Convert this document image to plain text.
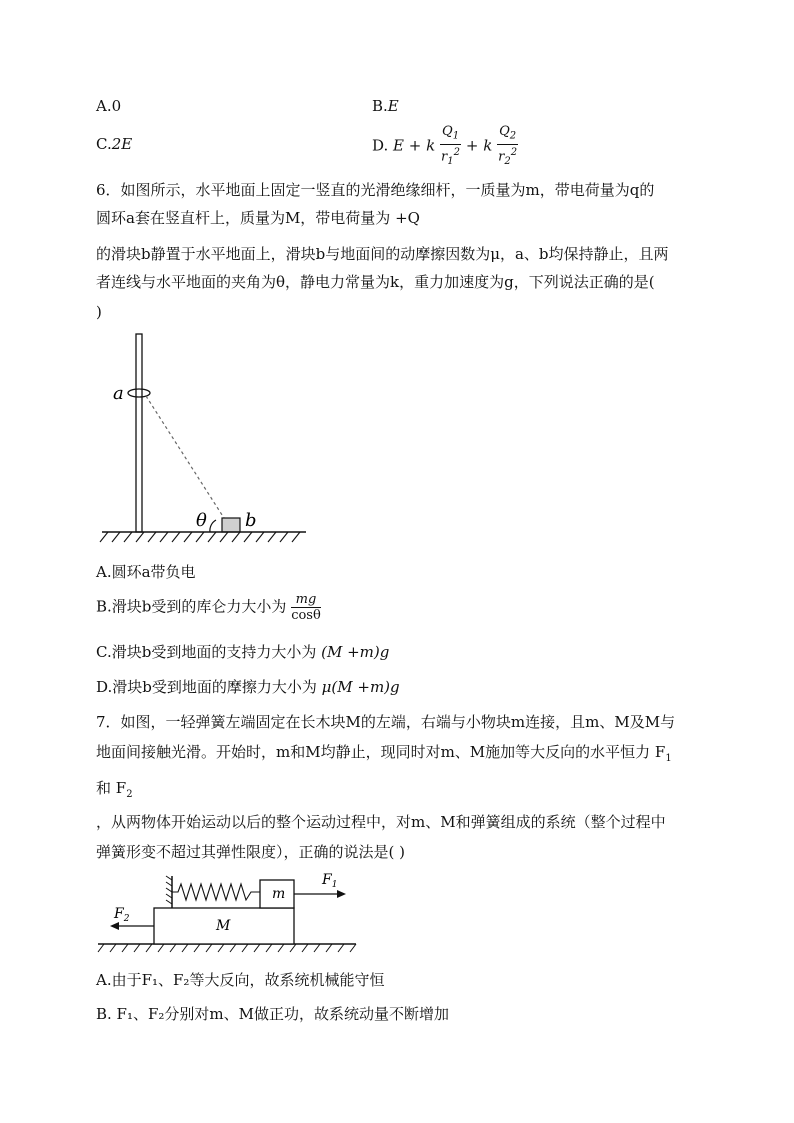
A.0	B.E
C.2E	D. E + k $\frac{Q_1}{r_1^2} + k \frac{Q_2}{r_2^2}$
6．如图所示，水平地面上固定一竖直的光滑绝缘细杆，一质量为m，带电荷量为q的
圆环a套在竖直杆上，质量为M，带电荷量为 +Q
的滑块b静置于水平地面上，滑块b与地面间的动摩擦因数为μ，a、b均保持静止，且两
者连线与水平地面的夹角为θ，静电力常量为k，重力加速度为g，下列说法正确的是(
)
a
b
θ
A.圆环a带负电
B.滑块b受到的库仑力大小为 $\frac{mg}{\cos\theta}$
C.滑块b受到地面的支持力大小为 (M +m)g
D.滑块b受到地面的摩擦力大小为 μ(M +m)g
7．如图，一轻弹簧左端固定在长木块M的左端，右端与小物块m连接，且m、M及M与
地面间接触光滑。开始时，m和M均静止，现同时对m、M施加等大反向的水平恒力 $F_1$
和 $F_2$
，从两物体开始运动以后的整个运动过程中，对m、M和弹簧组成的系统（整个过程中
弹簧形变不超过其弹性限度），正确的说法是( )
M
m
$F_1$
$F_2$
A.由于F₁、F₂等大反向，故系统机械能守恒
B. F₁、F₂分别对m、M做正功，故系统动量不断增加
